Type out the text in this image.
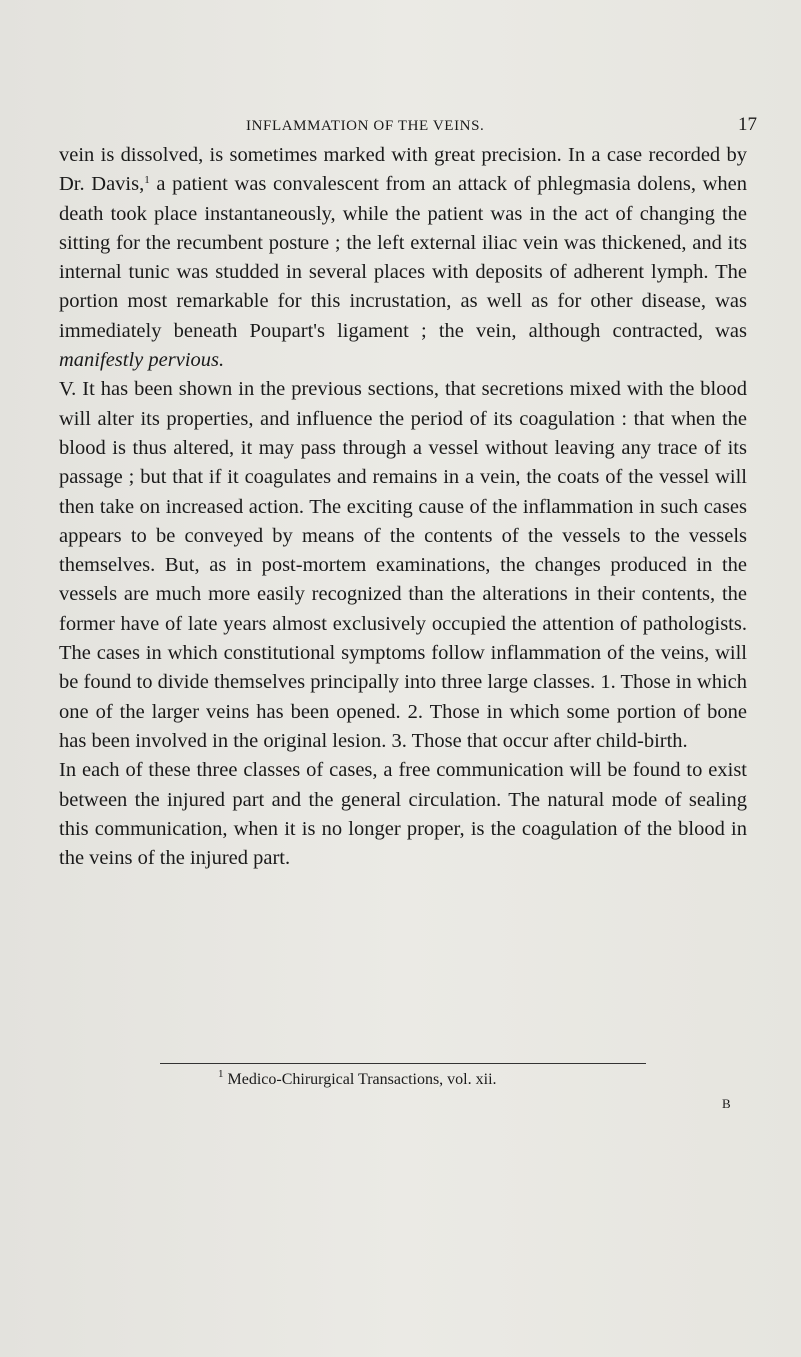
INFLAMMATION OF THE VEINS.	17

vein is dissolved, is sometimes marked with great precision. In a case recorded by Dr. Davis,$^1$ a patient was convalescent from an attack of phlegmasia dolens, when death took place instantaneously, while the patient was in the act of changing the sitting for the recumbent posture ; the left external iliac vein was thickened, and its internal tunic was studded in several places with deposits of adherent lymph. The portion most remarkable for this incrustation, as well as for other disease, was immediately beneath Poupart's ligament ; the vein, although contracted, was manifestly pervious.

V. It has been shown in the previous sections, that secretions mixed with the blood will alter its properties, and influence the period of its coagulation : that when the blood is thus altered, it may pass through a vessel without leaving any trace of its passage ; but that if it coagulates and remains in a vein, the coats of the vessel will then take on increased action. The exciting cause of the inflammation in such cases appears to be conveyed by means of the contents of the vessels to the vessels themselves. But, as in post-mortem examinations, the changes produced in the vessels are much more easily recognized than the alterations in their contents, the former have of late years almost exclusively occupied the attention of pathologists. The cases in which constitutional symptoms follow inflammation of the veins, will be found to divide themselves principally into three large classes. 1. Those in which one of the larger veins has been opened. 2. Those in which some portion of bone has been involved in the original lesion. 3. Those that occur after child-birth.

In each of these three classes of cases, a free communication will be found to exist between the injured part and the general circulation. The natural mode of sealing this communication, when it is no longer proper, is the coagulation of the blood in the veins of the injured part.

$^1$ Medico-Chirurgical Transactions, vol. xii.
B
